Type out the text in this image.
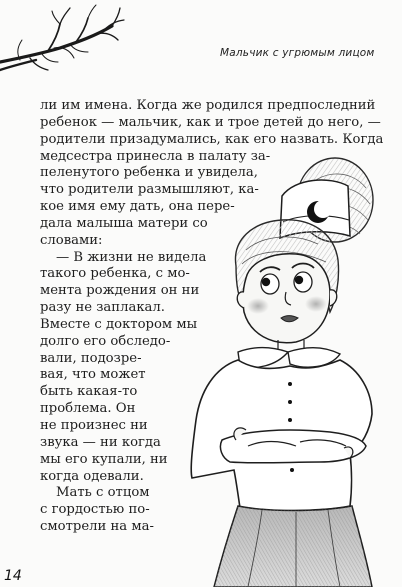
Мальчик с угрюмым лицом
ли им имена. Когда же родился предпоследний
ребенок — мальчик, как и трое детей до него, —
родители призадумались, как его назвать. Когда
медсестра принесла в палату за-
пеленутого ребенка и увидела,
что родители размышляют, ка-
кое имя ему дать, она пере-
дала малыша матери со
словами:
— В жизни не видела
такого ребенка, с мо-
мента рождения он ни
разу не заплакал.
Вместе с доктором мы
долго его обследо-
вали, подозре-
вая, что может
быть какая-то
проблема. Он
не произнес ни
звука — ни когда
мы его купали, ни
когда одевали.
Мать с отцом
с гордостью по-
смотрели на ма-
14
